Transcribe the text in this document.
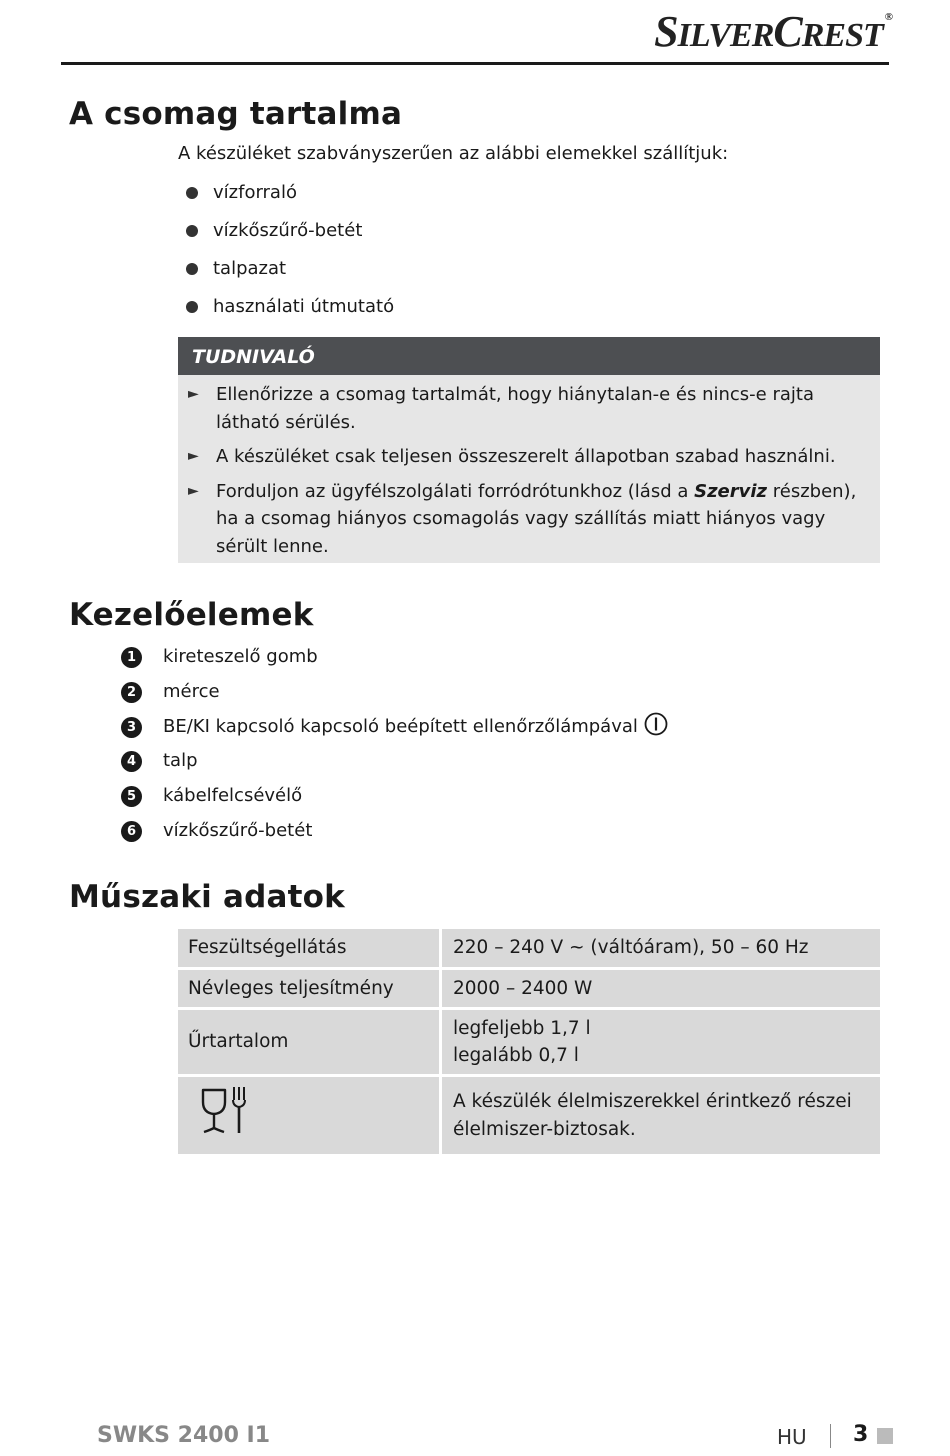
SILVERCREST ®
A csomag tartalma
A készüléket szabványszerűen az alábbi elemekkel szállítjuk:
vízforraló
vízkőszűrő-betét
talpazat
használati útmutató
TUDNIVALÓ
► Ellenőrizze a csomag tartalmát, hogy hiánytalan-e és nincs-e rajta látható sérülés.
► A készüléket csak teljesen összeszerelt állapotban szabad használni.
► Forduljon az ügyfélszolgálati forródrótunkhoz (lásd a Szerviz részben), ha a csomag hiányos csomagolás vagy szállítás miatt hiányos vagy sérült lenne.
Kezelőelemek
1	kireteszelő gomb
2	mérce
3	BE/KI kapcsoló kapcsoló beépített ellenőrzőlámpával
4	talp
5	kábelfelcsévélő
6	vízkőszűrő-betét
Műszaki adatok
Feszültségellátás	220 – 240 V ~ (váltóáram), 50 – 60 Hz
Névleges teljesítmény	2000 – 2400 W
Űrtartalom	legfeljebb 1,7 l
legalább 0,7 l

A készülék élelmiszerekkel érintkező részei
élelmiszer-biztosak.
SWKS 2400 I1	HU 3
